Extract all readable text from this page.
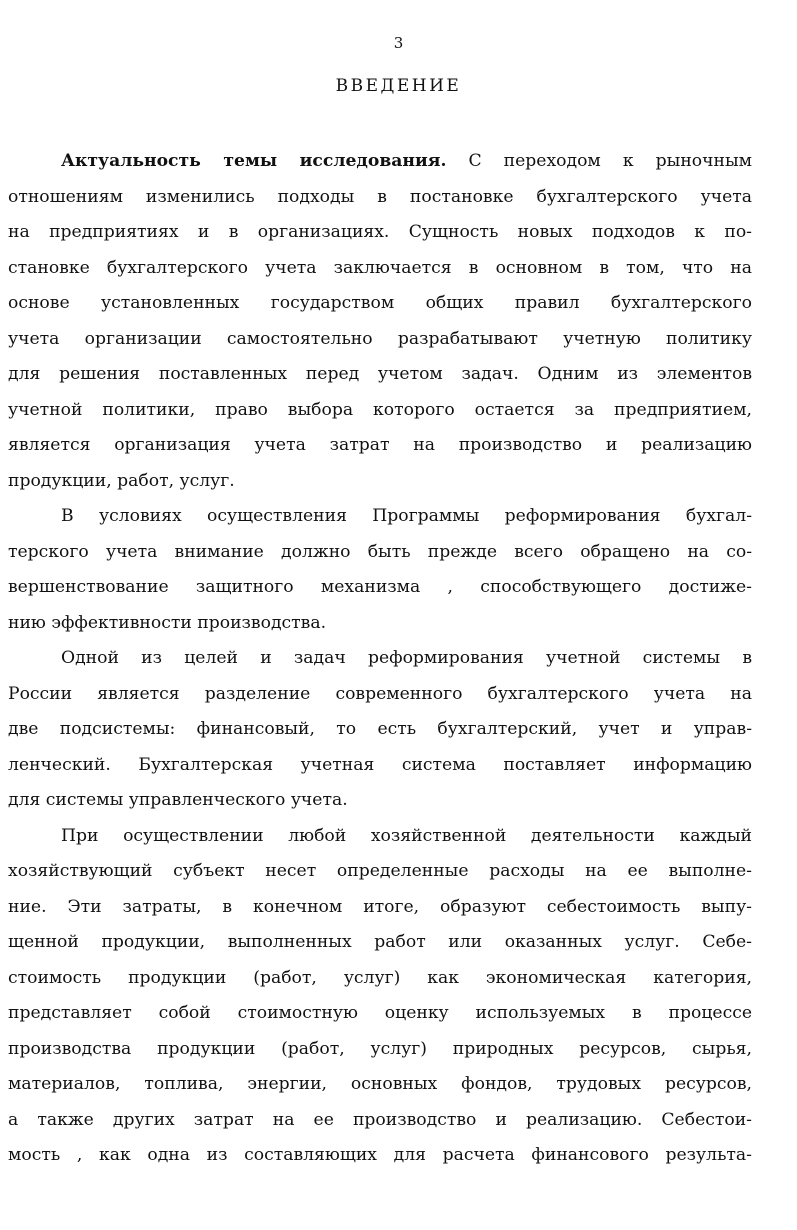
3
ВВЕДЕНИЕ
Актуальность темы исследования. С переходом к рыночным
отношениям изменились подходы в постановке бухгалтерского учета
на предприятиях и в организациях. Сущность новых подходов к по-
становке бухгалтерского учета заключается в основном в том, что на
основе установленных государством общих правил бухгалтерского
учета организации самостоятельно разрабатывают учетную политику
для решения поставленных перед учетом задач. Одним из элементов
учетной политики, право выбора которого остается за предприятием,
является организация учета затрат на производство и реализацию
продукции, работ, услуг.
В условиях осуществления Программы реформирования бухгал-
терского учета внимание должно быть прежде всего обращено на со-
вершенствование защитного механизма , способствующего достиже-
нию эффективности производства.
Одной из целей и задач реформирования учетной системы в
России является разделение современного бухгалтерского учета на
две подсистемы: финансовый, то есть бухгалтерский, учет и управ-
ленческий. Бухгалтерская учетная система поставляет информацию
для системы управленческого учета.
При осуществлении любой хозяйственной деятельности каждый
хозяйствующий субъект несет определенные расходы на ее выполне-
ние. Эти затраты, в конечном итоге, образуют себестоимость выпу-
щенной продукции, выполненных работ или оказанных услуг. Себе-
стоимость продукции (работ, услуг) как экономическая категория,
представляет собой стоимостную оценку используемых в процессе
производства продукции (работ, услуг) природных ресурсов, сырья,
материалов, топлива, энергии, основных фондов, трудовых ресурсов,
а также других затрат на ее производство и реализацию. Себестои-
мость , как одна из составляющих для расчета финансового результа-
